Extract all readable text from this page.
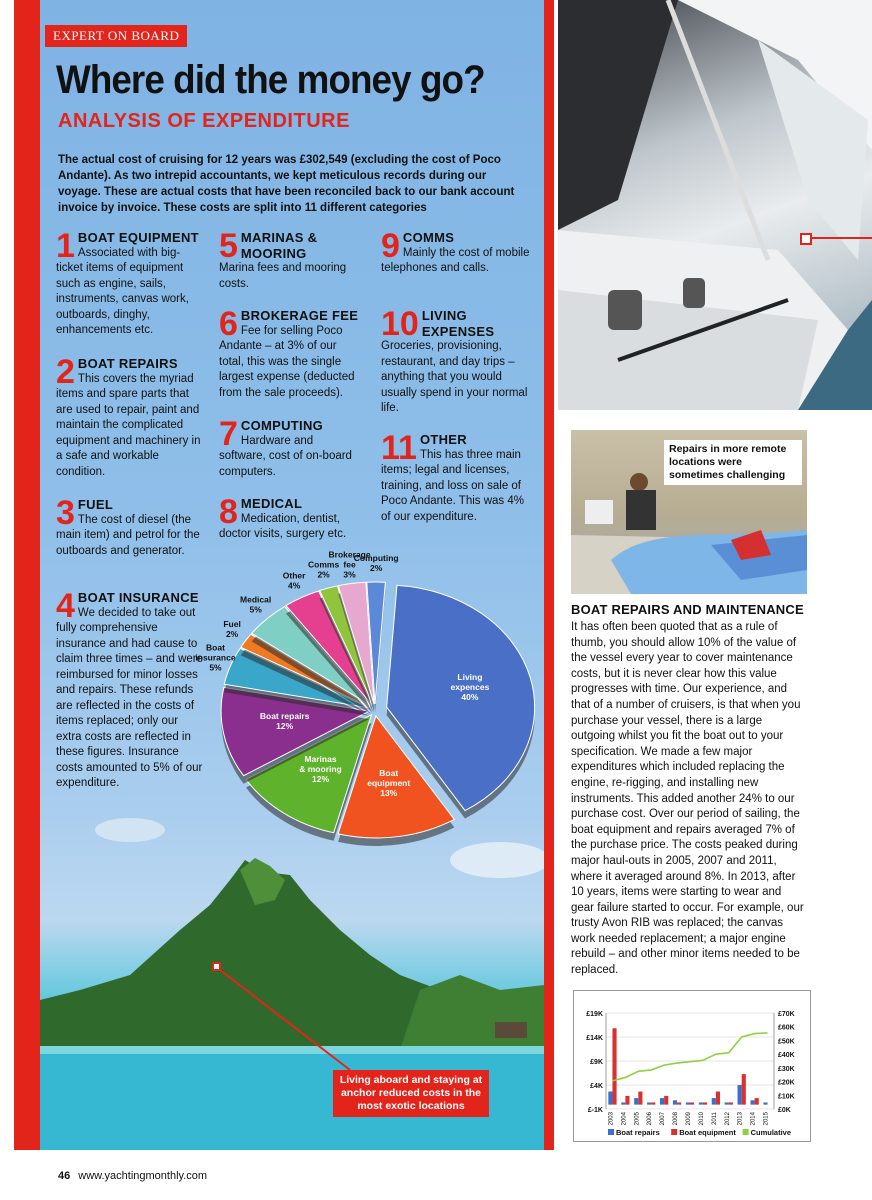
EXPERT ON BOARD
Where did the money go?
ANALYSIS OF EXPENDITURE
The actual cost of cruising for 12 years was £302,549 (excluding the cost of Poco Andante). As two intrepid accountants, we kept meticulous records during our voyage. These are actual costs that have been reconciled back to our bank account invoice by invoice. These costs are split into 11 different categories
1 BOAT EQUIPMENT
Associated with big-ticket items of equipment such as engine, sails, instruments, canvas work, outboards, dinghy, enhancements etc.
2 BOAT REPAIRS
This covers the myriad items and spare parts that are used to repair, paint and maintain the complicated equipment and machinery in a safe and workable condition.
3 FUEL
The cost of diesel (the main item) and petrol for the outboards and generator.
4 BOAT INSURANCE
We decided to take out fully comprehensive insurance and had cause to claim three times – and were reimbursed for minor losses and repairs. These refunds are reflected in the costs of items replaced; only our extra costs are reflected in these figures. Insurance costs amounted to 5% of our expenditure.
5 MARINAS & MOORING
Marina fees and mooring costs.
6 BROKERAGE FEE
Fee for selling Poco Andante – at 3% of our total, this was the single largest expense (deducted from the sale proceeds).
7 COMPUTING
Hardware and software, cost of on-board computers.
8 MEDICAL
Medication, dentist, doctor visits, surgery etc.
9 COMMS
Mainly the cost of mobile telephones and calls.
10 LIVING EXPENSES
Groceries, provisioning, restaurant, and day trips – anything that you would usually spend in your normal life.
11 OTHER
This has three main items; legal and licenses, training, and loss on sale of Poco Andante. This was 4% of our expenditure.
Living expences 40%
Boat equipment 13%
Marinas & mooring 12%
Boat repairs 12%
Boat insurance 5%
Fuel 2%
Medical 5%
Other 4%
Comms 2%
Brokerage fee 3%
Computing 2%
Repairs in more remote locations were sometimes challenging
BOAT REPAIRS AND MAINTENANCE

It has often been quoted that as a rule of thumb, you should allow 10% of the value of the vessel every year to cover maintenance costs, but it is never clear how this value progresses with time. Our experience, and that of a number of cruisers, is that when you purchase your vessel, there is a large outgoing whilst you fit the boat out to your specification. We made a few major expenditures which included replacing the engine, re-rigging, and installing new instruments. This added another 24% to our purchase cost. Over our period of sailing, the boat equipment and repairs averaged 7% of the purchase price. The costs peaked during major haul-outs in 2005, 2007 and 2011, where it averaged around 8%. In 2013, after 10 years, items were starting to wear and gear failure started to occur. For example, our trusty Avon RIB was replaced; the canvas work needed replacement; a major engine rebuild – and other minor items needed to be replaced.

£19K
£14K
£9K
£4K
£-1K
£70K
£60K
£50K
£40K
£30K
£20K
£10K
£0K
2003 2004 2005 2006 2007 2008 2009 2010 2011 2012 2013 2014 2015
Boat repairs	Boat equipment Cumulative
Living aboard and staying at anchor reduced costs in the most exotic locations
46 www.yachtingmonthly.com
